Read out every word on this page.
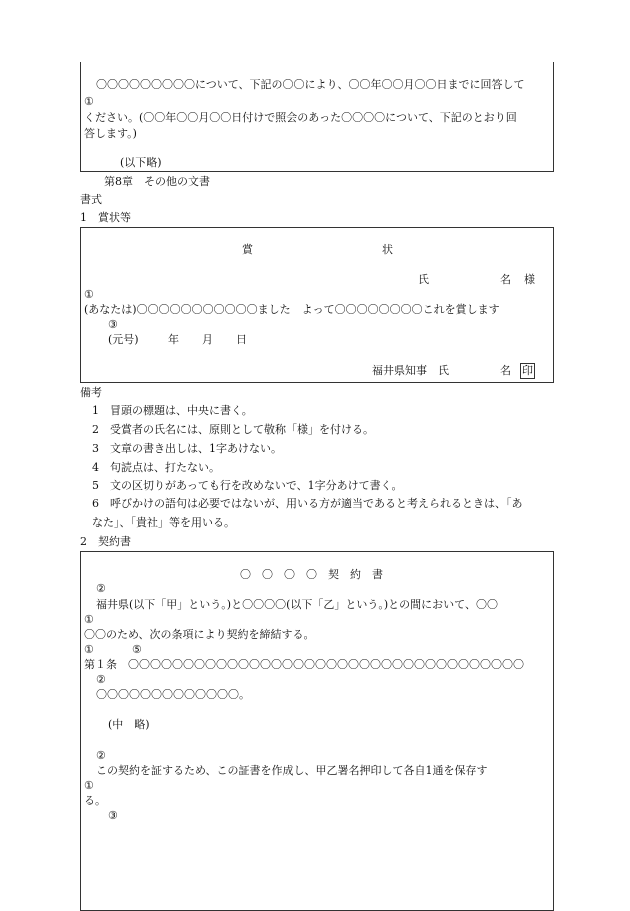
〇〇〇〇〇〇〇〇〇について、下記の〇〇により、〇〇年〇〇月〇〇日までに回答して
①
ください。(〇〇年〇〇月〇〇日付けで照会のあった〇〇〇〇について、下記のとおり回
答します。)
(以下略)
第8章　その他の文書
書式
1　賞状等
賞	状
氏	名 様
①
(あなたは)〇〇〇〇〇〇〇〇〇〇〇ました　よって〇〇〇〇〇〇〇〇これを賞します
③
(元号)	年 月 日
福井県知事　氏	名 印
備考
1　冒頭の標題は、中央に書く。
2　受賞者の氏名には、原則として敬称「様」を付ける。
3　文章の書き出しは、1字あけない。
4　句読点は、打たない。
5　文の区切りがあっても行を改めないで、1字分あけて書く。
6　呼びかけの語句は必要ではないが、用いる方が適当であると考えられるときは、「あ
なた」、「貴社」等を用いる。
2　契約書
〇　〇　〇　〇　契　約　書
②
福井県(以下「甲」という。)と〇〇〇〇(以下「乙」という。)との間において、〇〇
①
〇〇のため、次の条項により契約を締結する。
①	⑤
第１条　〇〇〇〇〇〇〇〇〇〇〇〇〇〇〇〇〇〇〇〇〇〇〇〇〇〇〇〇〇〇〇〇〇〇〇〇
②
〇〇〇〇〇〇〇〇〇〇〇〇〇。
(中　略)
②
この契約を証するため、この証書を作成し、甲乙署名押印して各自1通を保存す
①
る。
③
